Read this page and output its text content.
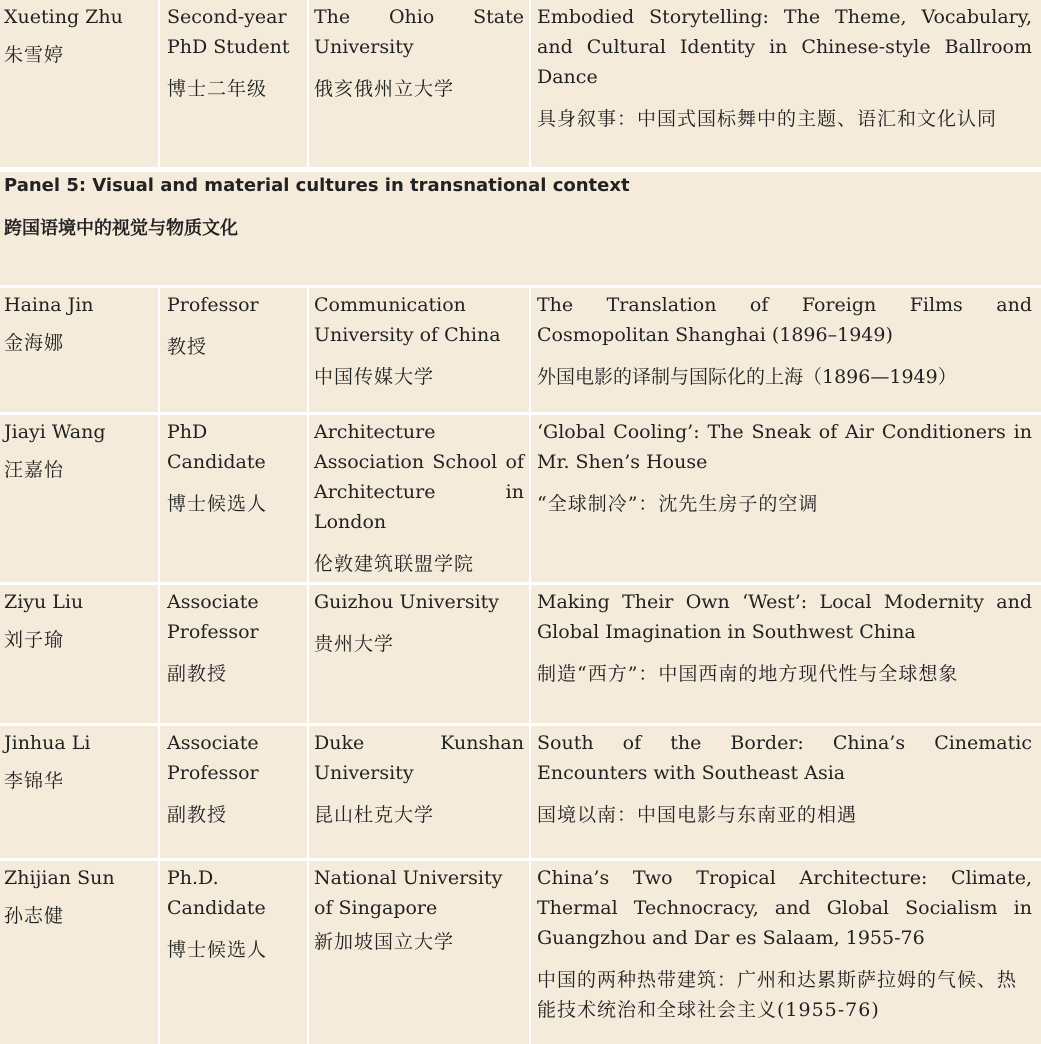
Xueting Zhu
朱雪婷
Second-year PhD Student
博士二年级
The Ohio State University
俄亥俄州立大学
Embodied Storytelling: The Theme, Vocabulary, and Cultural Identity in Chinese-style Ballroom Dance
具身叙事：中国式国标舞中的主题、语汇和文化认同
Panel 5: Visual and material cultures in transnational context
跨国语境中的视觉与物质文化
Haina Jin
金海娜
Professor
教授
Communication University of China
中国传媒大学
The Translation of Foreign Films and Cosmopolitan Shanghai (1896–1949)
外国电影的译制与国际化的上海（1896—1949）
Jiayi Wang
汪嘉怡
PhD Candidate
博士候选人
Architecture Association School of Architecture in London
伦敦建筑联盟学院
‘Global Cooling’: The Sneak of Air Conditioners in Mr. Shen’s House
“全球制冷”：沈先生房子的空调
Ziyu Liu
刘子瑜
Associate Professor
副教授
Guizhou University
贵州大学
Making Their Own ‘West’: Local Modernity and Global Imagination in Southwest China
制造“西方”：中国西南的地方现代性与全球想象
Jinhua Li
李锦华
Associate Professor
副教授
Duke Kunshan University
昆山杜克大学
South of the Border: China’s Cinematic Encounters with Southeast Asia
国境以南：中国电影与东南亚的相遇
Zhijian Sun
孙志健
Ph.D. Candidate
博士候选人
National University of Singapore
新加坡国立大学
China’s Two Tropical Architecture: Climate, Thermal Technocracy, and Global Socialism in Guangzhou and Dar es Salaam, 1955-76
中国的两种热带建筑：广州和达累斯萨拉姆的气候、热能技术统治和全球社会主义(1955-76)
